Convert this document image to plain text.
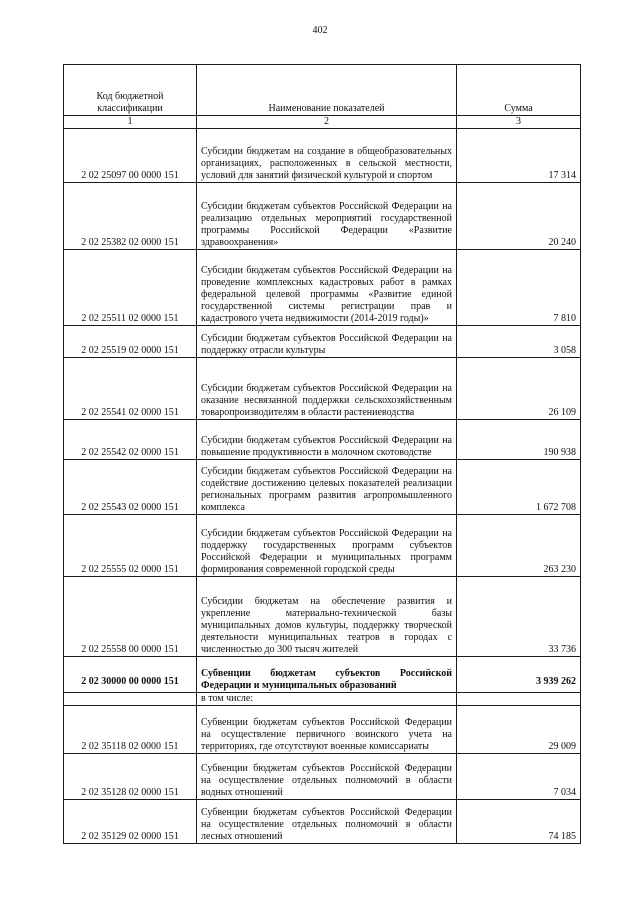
402
Код бюджетной классификации	Наименование показателей	Сумма
1	2	3
2 02 25097 00 0000 151	Субсидии бюджетам на создание в общеобразовательных организациях, расположенных в сельской местности, условий для занятий физической культурой и спортом	17 314
2 02 25382 02 0000 151	Субсидии бюджетам субъектов Российской Федерации на реализацию отдельных мероприятий государственной программы Российской Федерации «Развитие здравоохранения»	20 240
2 02 25511 02 0000 151	Субсидии бюджетам субъектов Российской Федерации на проведение комплексных кадастровых работ в рамках федеральной целевой программы «Развитие единой государственной системы регистрации прав и кадастрового учета недвижимости (2014-2019 годы)»	7 810
2 02 25519 02 0000 151	Субсидии бюджетам субъектов Российской Федерации на поддержку отрасли культуры	3 058
2 02 25541 02 0000 151	Субсидии бюджетам субъектов Российской Федерации на оказание несвязанной поддержки сельскохозяйственным товаропроизводителям в области растениеводства	26 109
2 02 25542 02 0000 151	Субсидии бюджетам субъектов Российской Федерации на повышение продуктивности в молочном скотоводстве	190 938
2 02 25543 02 0000 151	Субсидии бюджетам субъектов Российской Федерации на содействие достижению целевых показателей реализации региональных программ развития агропромышленного комплекса	1 672 708
2 02 25555 02 0000 151	Субсидии бюджетам субъектов Российской Федерации на поддержку государственных программ субъектов Российской Федерации и муниципальных программ формирования современной городской среды	263 230
2 02 25558 00 0000 151	Субсидии бюджетам на обеспечение развития и укрепление материально-технической базы муниципальных домов культуры, поддержку творческой деятельности муниципальных театров в городах с численностью до 300 тысяч жителей	33 736
2 02 30000 00 0000 151	Субвенции бюджетам субъектов Российской Федерации и муниципальных образований	3 939 262
	в том числе:	
2 02 35118 02 0000 151	Субвенции бюджетам субъектов Российской Федерации на осуществление первичного воинского учета на территориях, где отсутствуют военные комиссариаты	29 009
2 02 35128 02 0000 151	Субвенции бюджетам субъектов Российской Федерации на осуществление отдельных полномочий в области водных отношений	7 034
2 02 35129 02 0000 151	Субвенции бюджетам субъектов Российской Федерации на осуществление отдельных полномочий в области лесных отношений	74 185
